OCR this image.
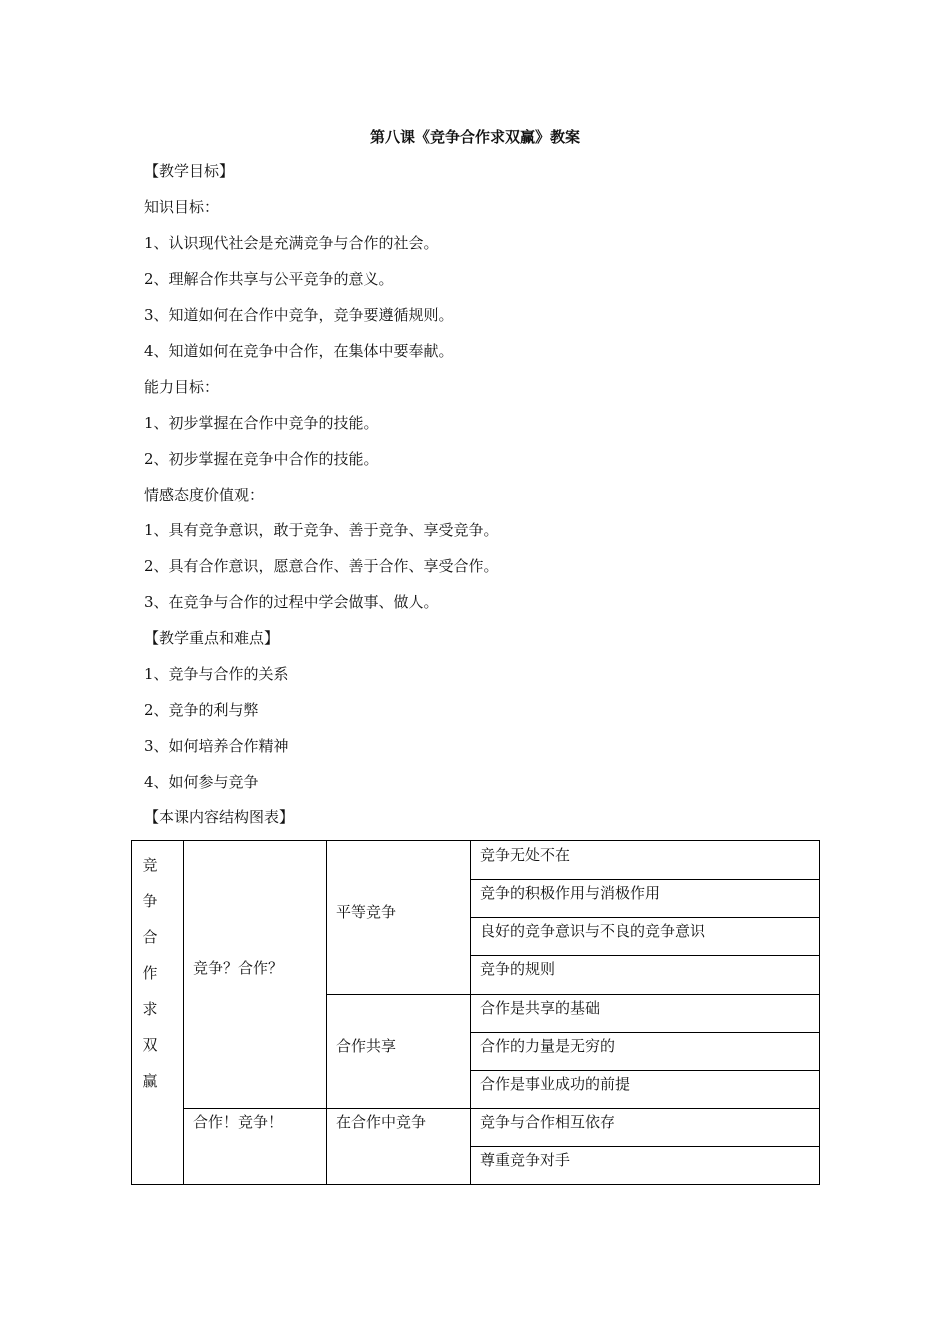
第八课《竞争合作求双赢》教案
【教学目标】
知识目标：
1、认识现代社会是充满竞争与合作的社会。
2、理解合作共享与公平竞争的意义。
3、知道如何在合作中竞争，竞争要遵循规则。
4、知道如何在竞争中合作，在集体中要奉献。
能力目标：
1、初步掌握在合作中竞争的技能。
2、初步掌握在竞争中合作的技能。
情感态度价值观：
1、具有竞争意识，敢于竞争、善于竞争、享受竞争。
2、具有合作意识，愿意合作、善于合作、享受合作。
3、在竞争与合作的过程中学会做事、做人。
【教学重点和难点】
1、竞争与合作的关系
2、竞争的利与弊
3、如何培养合作精神
4、如何参与竞争
【本课内容结构图表】
竞
争
合
作
求
双
赢
竞争？合作？
合作！竞争！
平等竞争
合作共享
在合作中竞争
竞争无处不在
竞争的积极作用与消极作用
良好的竞争意识与不良的竞争意识
竞争的规则
合作是共享的基础
合作的力量是无穷的
合作是事业成功的前提
竞争与合作相互依存
尊重竞争对手
